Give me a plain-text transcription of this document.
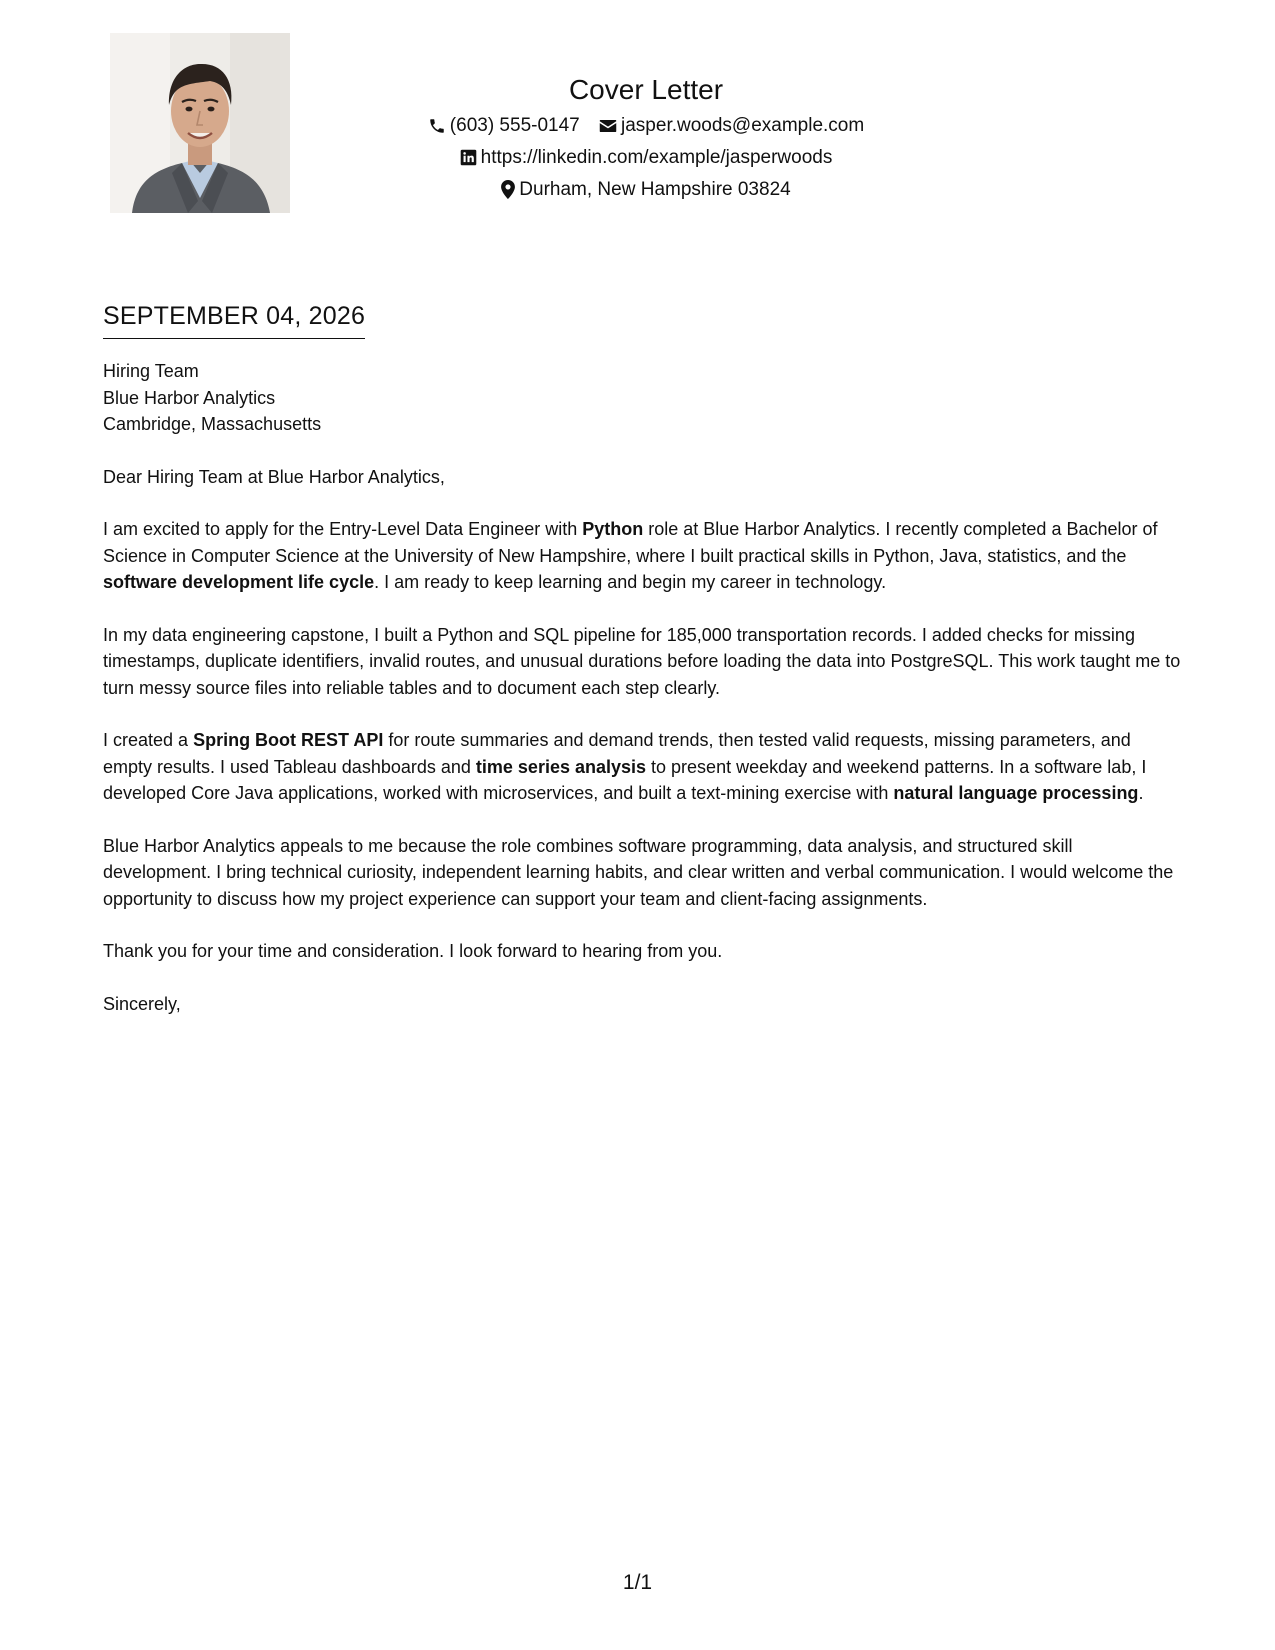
Cover Letter
(603) 555-0147
jasper.woods@example.com
https://linkedin.com/example/jasperwoods
Durham, New Hampshire 03824
SEPTEMBER 04, 2026

Hiring Team

Blue Harbor Analytics

Cambridge, Massachusetts

Dear Hiring Team at Blue Harbor Analytics,

I am excited to apply for the Entry-Level Data Engineer with Python role at Blue Harbor Analytics. I recently completed a Bachelor of Science in Computer Science at the University of New Hampshire, where I built practical skills in Python, Java, statistics, and the software development life cycle. I am ready to keep learning and begin my career in technology.

In my data engineering capstone, I built a Python and SQL pipeline for 185,000 transportation records. I added checks for missing timestamps, duplicate identifiers, invalid routes, and unusual durations before loading the data into PostgreSQL. This work taught me to turn messy source files into reliable tables and to document each step clearly.

I created a Spring Boot REST API for route summaries and demand trends, then tested valid requests, missing parameters, and empty results. I used Tableau dashboards and time series analysis to present weekday and weekend patterns. In a software lab, I developed Core Java applications, worked with microservices, and built a text-mining exercise with natural language processing.

Blue Harbor Analytics appeals to me because the role combines software programming, data analysis, and structured skill development. I bring technical curiosity, independent learning habits, and clear written and verbal communication. I would welcome the opportunity to discuss how my project experience can support your team and client-facing assignments.

Thank you for your time and consideration. I look forward to hearing from you.

Sincerely,

1/1
